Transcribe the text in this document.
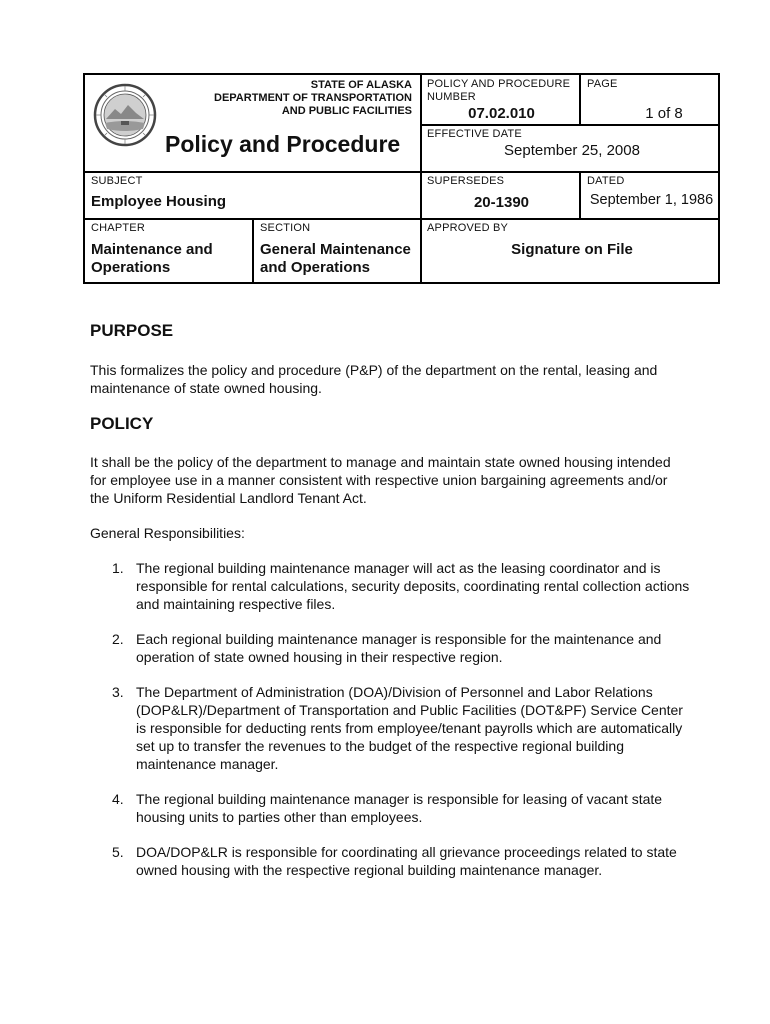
STATE OF ALASKA
DEPARTMENT OF TRANSPORTATION
AND PUBLIC FACILITIES
Policy and Procedure
POLICY AND PROCEDURE NUMBER
07.02.010
PAGE
1 of 8
EFFECTIVE DATE
September 25, 2008
SUBJECT
Employee Housing
SUPERSEDES
20-1390
DATED
September 1, 1986
CHAPTER
Maintenance and Operations
SECTION
General Maintenance and Operations
APPROVED BY
Signature on File
PURPOSE
This formalizes the policy and procedure (P&P) of the department on the rental, leasing and maintenance of state owned housing.
POLICY
It shall be the policy of the department to manage and maintain state owned housing intended for employee use in a manner consistent with respective union bargaining agreements and/or the Uniform Residential Landlord Tenant Act.
General Responsibilities:
1. The regional building maintenance manager will act as the leasing coordinator and is responsible for rental calculations, security deposits, coordinating rental collection actions and maintaining respective files.
2. Each regional building maintenance manager is responsible for the maintenance and operation of state owned housing in their respective region.
3. The Department of Administration (DOA)/Division of Personnel and Labor Relations (DOP&LR)/Department of Transportation and Public Facilities (DOT&PF) Service Center is responsible for deducting rents from employee/tenant payrolls which are automatically set up to transfer the revenues to the budget of the respective regional building maintenance manager.
4. The regional building maintenance manager is responsible for leasing of vacant state housing units to parties other than employees.
5. DOA/DOP&LR is responsible for coordinating all grievance proceedings related to state owned housing with the respective regional building maintenance manager.
